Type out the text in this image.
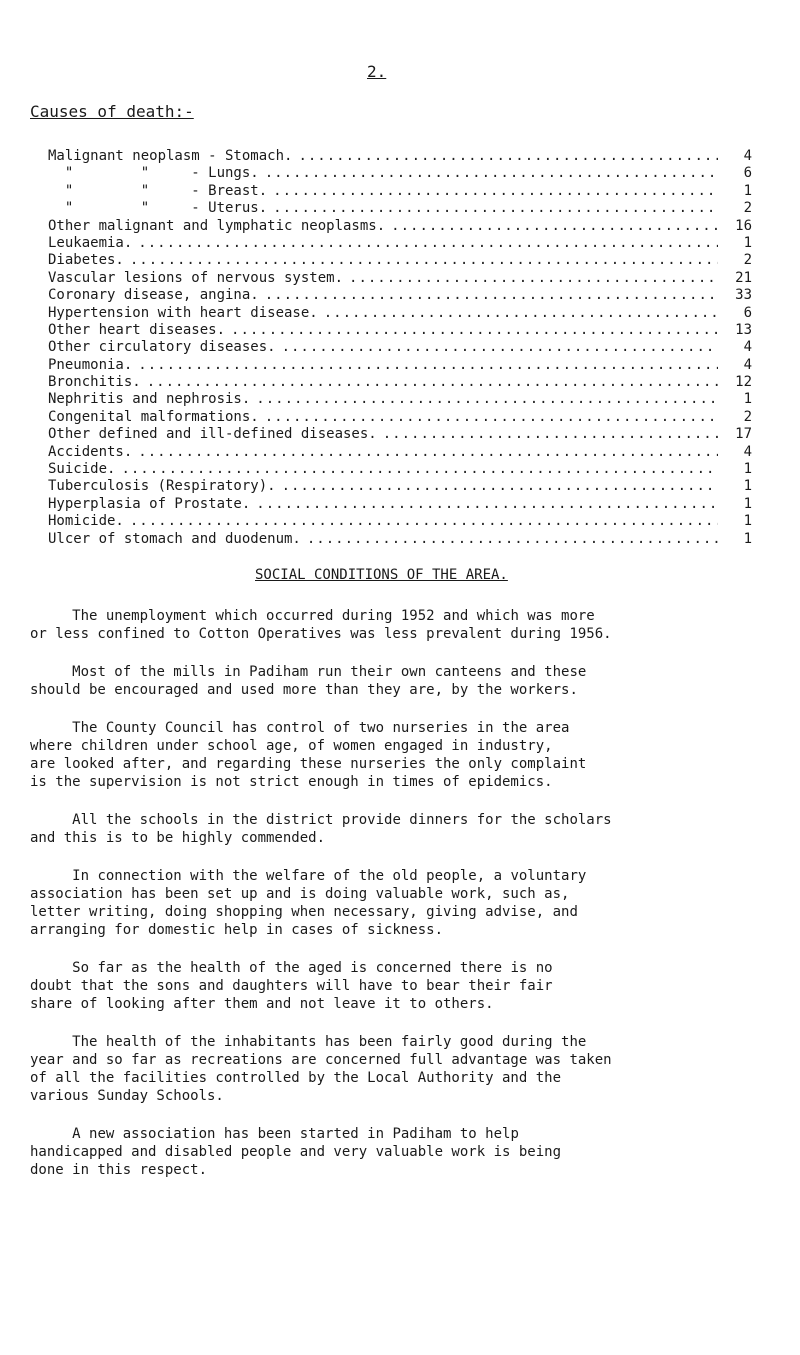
2.
Causes of death:-
Malignant neoplasm - Stomach. .....	4
"        "     - Lungs. .....	6
"        "     - Breast. .....	1
"        "     - Uterus. .....	2
Other malignant and lymphatic neoplasms. .....	16
Leukaemia. .....	1
Diabetes. .....	2
Vascular lesions of nervous system. .....	21
Coronary disease, angina. .....	33
Hypertension with heart disease. .....	6
Other heart diseases. .....	13
Other circulatory diseases. .....	4
Pneumonia. .....	4
Bronchitis. .....	12
Nephritis and nephrosis. .....	1
Congenital malformations. .....	2
Other defined and ill-defined diseases. .....	17
Accidents. .....	4
Suicide. .....	1
Tuberculosis (Respiratory). .....	1
Hyperplasia of Prostate. .....	1
Homicide. .....	1
Ulcer of stomach and duodenum. .....	1
SOCIAL CONDITIONS OF THE AREA.

The unemployment which occurred during 1952 and which was more
or less confined to Cotton Operatives was less prevalent during 1956.

Most of the mills in Padiham run their own canteens and these
should be encouraged and used more than they are, by the workers.

The County Council has control of two nurseries in the area
where children under school age, of women engaged in industry,
are looked after, and regarding these nurseries the only complaint
is the supervision is not strict enough in times of epidemics.

All the schools in the district provide dinners for the scholars
and this is to be highly commended.

In connection with the welfare of the old people, a voluntary
association has been set up and is doing valuable work, such as,
letter writing, doing shopping when necessary, giving advise, and
arranging for domestic help in cases of sickness.

So far as the health of the aged is concerned there is no
doubt that the sons and daughters will have to bear their fair
share of looking after them and not leave it to others.

The health of the inhabitants has been fairly good during the
year and so far as recreations are concerned full advantage was taken
of all the facilities controlled by the Local Authority and the
various Sunday Schools.

A new association has been started in Padiham to help
handicapped and disabled people and very valuable work is being
done in this respect.
